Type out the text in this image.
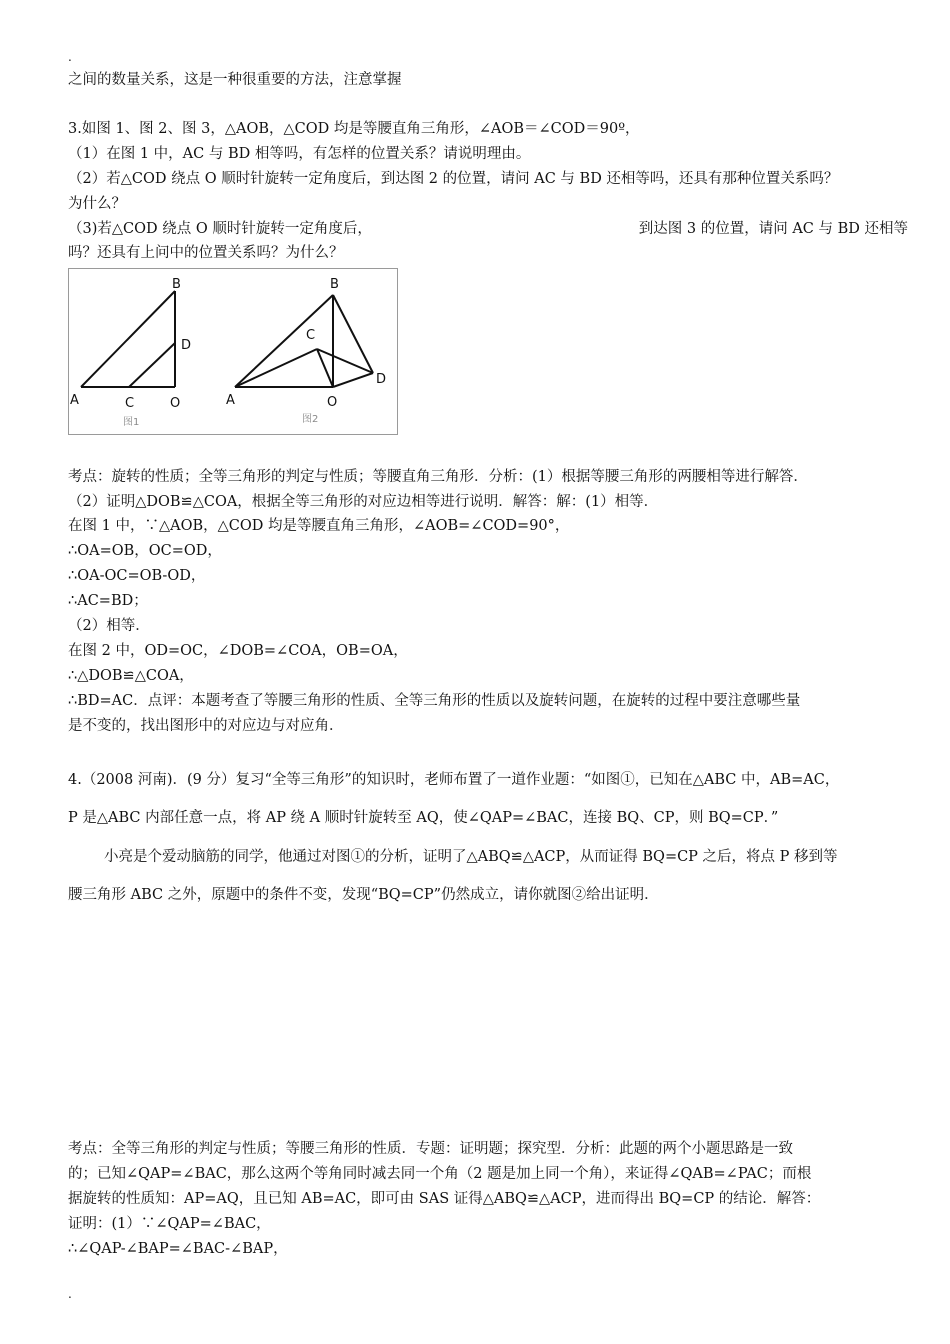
.

之间的数量关系，这是一种很重要的方法，注意掌握

3.如图 1、图 2、图 3，△AOB，△COD 均是等腰直角三角形，∠AOB＝∠COD＝90º，

（1）在图 1 中，AC 与 BD 相等吗，有怎样的位置关系？请说明理由。

（2）若△COD 绕点 O 顺时针旋转一定角度后，到达图 2 的位置，请问 AC 与 BD 还相等吗，还具有那种位置关系吗？

为什么？

（3)若△COD 绕点 O 顺时针旋转一定角度后，	到达图 3 的位置，请问 AC 与 BD 还相等

吗？还具有上问中的位置关系吗？为什么？

A
B
C
D
O
图1
A
B
C
D
O
图2

考点：旋转的性质；全等三角形的判定与性质；等腰直角三角形．分析：(1）根据等腰三角形的两腰相等进行解答．

（2）证明△DOB≌△COA，根据全等三角形的对应边相等进行说明．解答：解：(1）相等．

在图 1 中，∵△AOB，△COD 均是等腰直角三角形，∠AOB=∠COD=90°，

∴OA=OB，OC=OD，

∴OA-OC=OB-OD，

∴AC=BD；

（2）相等．

在图 2 中，OD=OC，∠DOB=∠COA，OB=OA，

∴△DOB≌△COA，

∴BD=AC．点评：本题考查了等腰三角形的性质、全等三角形的性质以及旋转问题，在旋转的过程中要注意哪些量

是不变的，找出图形中的对应边与对应角．

4.（2008 河南)．(9 分）复习“全等三角形”的知识时，老师布置了一道作业题：“如图①，已知在△ABC 中，AB=AC，

P 是△ABC 内部任意一点，将 AP 绕 A 顺时针旋转至 AQ，使∠QAP=∠BAC，连接 BQ、CP，则 BQ=CP．”

小亮是个爱动脑筋的同学，他通过对图①的分析，证明了△ABQ≌△ACP，从而证得 BQ=CP 之后，将点 P 移到等

腰三角形 ABC 之外，原题中的条件不变，发现“BQ=CP”仍然成立，请你就图②给出证明．

考点：全等三角形的判定与性质；等腰三角形的性质．专题：证明题；探究型．分析：此题的两个小题思路是一致

的；已知∠QAP=∠BAC，那么这两个等角同时减去同一个角（2 题是加上同一个角），来证得∠QAB=∠PAC；而根

据旋转的性质知：AP=AQ，且已知 AB=AC，即可由 SAS 证得△ABQ≌△ACP，进而得出 BQ=CP 的结论．解答：

证明：(1）∵∠QAP=∠BAC，

∴∠QAP-∠BAP=∠BAC-∠BAP，

.
